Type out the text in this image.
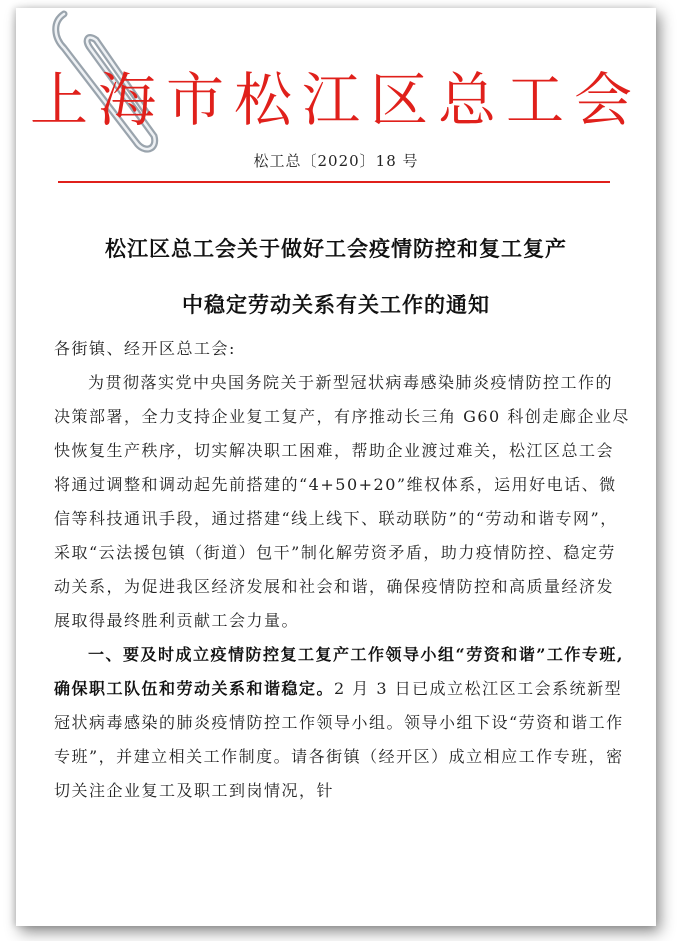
上海市松江区总工会
松工总〔2020〕18 号
松江区总工会关于做好工会疫情防控和复工复产
中稳定劳动关系有关工作的通知

各街镇、经开区总工会:

为贯彻落实党中央国务院关于新型冠状病毒感染肺炎疫情防控工作的决策部署，全力支持企业复工复产，有序推动长三角 G60 科创走廊企业尽快恢复生产秩序，切实解决职工困难，帮助企业渡过难关，松江区总工会将通过调整和调动起先前搭建的“4+50+20”维权体系，运用好电话、微信等科技通讯手段，通过搭建“线上线下、联动联防”的“劳动和谐专网”，采取“云法援包镇（街道）包干”制化解劳资矛盾，助力疫情防控、稳定劳动关系，为促进我区经济发展和社会和谐，确保疫情防控和高质量经济发展取得最终胜利贡献工会力量。

一、要及时成立疫情防控复工复产工作领导小组“劳资和谐”工作专班,确保职工队伍和劳动关系和谐稳定。2 月 3 日已成立松江区工会系统新型冠状病毒感染的肺炎疫情防控工作领导小组。领导小组下设“劳资和谐工作专班”，并建立相关工作制度。请各街镇（经开区）成立相应工作专班，密切关注企业复工及职工到岗情况，针
